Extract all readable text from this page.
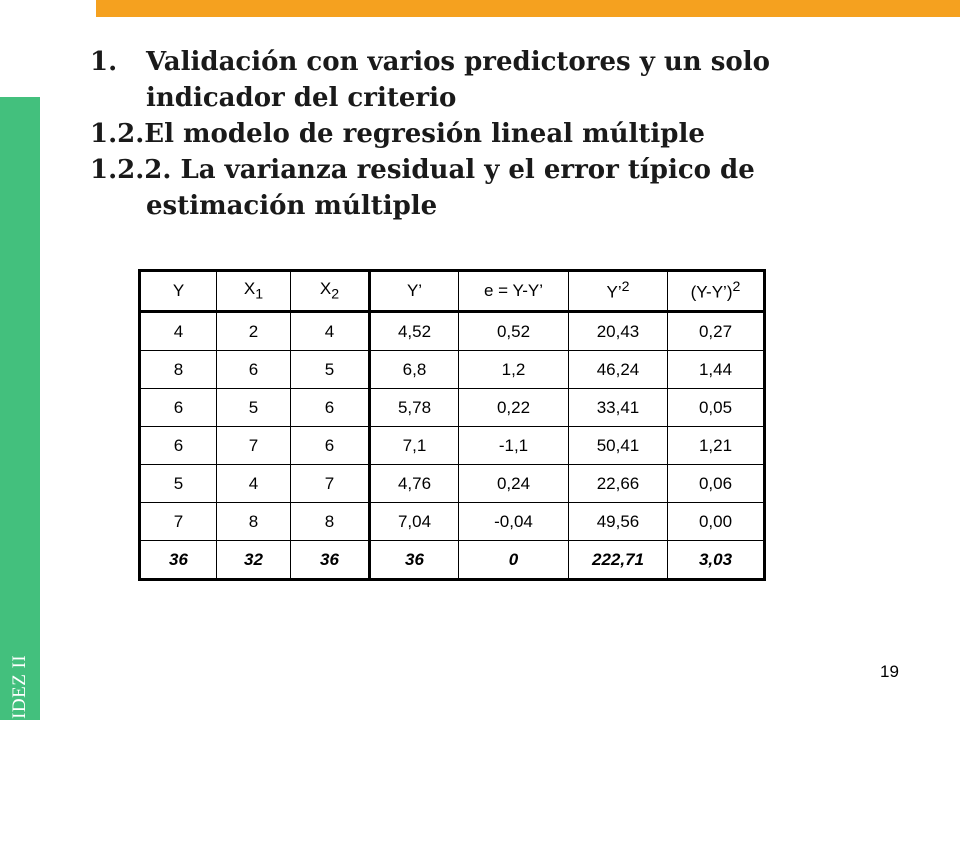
TEMA 6.2: VALIDEZ II
1. Validación con varios predictores y un solo
indicador del criterio
1.2.El modelo de regresión lineal múltiple
1.2.2. La varianza residual y el error típico de
estimación múltiple
Y	$X_1$	$X_2$	Y’	e = Y-Y’	Y’$^2$	(Y-Y’)$^2$
4	2	4	4,52	0,52	20,43	0,27
8	6	5	6,8	1,2	46,24	1,44
6	5	6	5,78	0,22	33,41	0,05
6	7	6	7,1	-1,1	50,41	1,21
5	4	7	4,76	0,24	22,66	0,06
7	8	8	7,04	-0,04	49,56	0,00
36	32	36	36	0	222,71	3,03
19
